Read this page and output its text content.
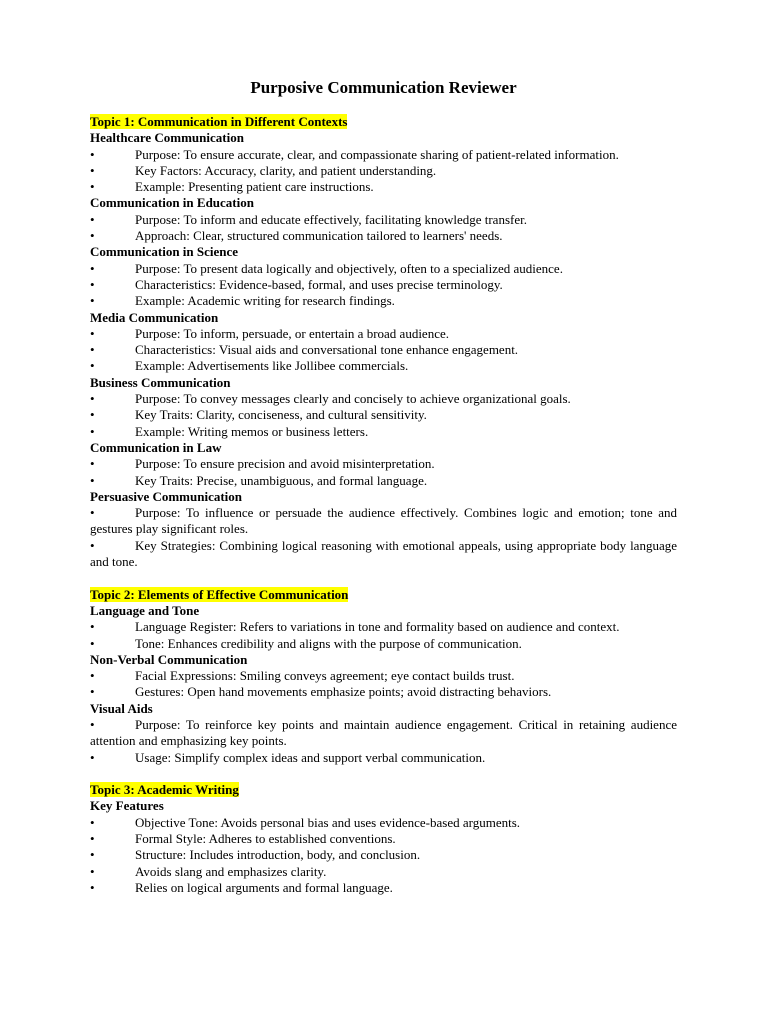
Purposive Communication Reviewer
Topic 1: Communication in Different Contexts
Healthcare Communication
•	Purpose: To ensure accurate, clear, and compassionate sharing of patient-related information.
•	Key Factors: Accuracy, clarity, and patient understanding.
•	Example: Presenting patient care instructions.
Communication in Education
•	Purpose: To inform and educate effectively, facilitating knowledge transfer.
•	Approach: Clear, structured communication tailored to learners' needs.
Communication in Science
•	Purpose: To present data logically and objectively, often to a specialized audience.
•	Characteristics: Evidence-based, formal, and uses precise terminology.
•	Example: Academic writing for research findings.
Media Communication
•	Purpose: To inform, persuade, or entertain a broad audience.
•	Characteristics: Visual aids and conversational tone enhance engagement.
•	Example: Advertisements like Jollibee commercials.
Business Communication
•	Purpose: To convey messages clearly and concisely to achieve organizational goals.
•	Key Traits: Clarity, conciseness, and cultural sensitivity.
•	Example: Writing memos or business letters.
Communication in Law
•	Purpose: To ensure precision and avoid misinterpretation.
•	Key Traits: Precise, unambiguous, and formal language.
Persuasive Communication
•	Purpose: To influence or persuade the audience effectively. Combines logic and emotion; tone and gestures play significant roles.
•	Key Strategies: Combining logical reasoning with emotional appeals, using appropriate body language and tone.
Topic 2: Elements of Effective Communication
Language and Tone
•	Language Register: Refers to variations in tone and formality based on audience and context.
•	Tone: Enhances credibility and aligns with the purpose of communication.
Non-Verbal Communication
•	Facial Expressions: Smiling conveys agreement; eye contact builds trust.
•	Gestures: Open hand movements emphasize points; avoid distracting behaviors.
Visual Aids
•	Purpose: To reinforce key points and maintain audience engagement. Critical in retaining audience attention and emphasizing key points.
•	Usage: Simplify complex ideas and support verbal communication.
Topic 3: Academic Writing
Key Features
•	Objective Tone: Avoids personal bias and uses evidence-based arguments.
•	Formal Style: Adheres to established conventions.
•	Structure: Includes introduction, body, and conclusion.
•	Avoids slang and emphasizes clarity.
•	Relies on logical arguments and formal language.
